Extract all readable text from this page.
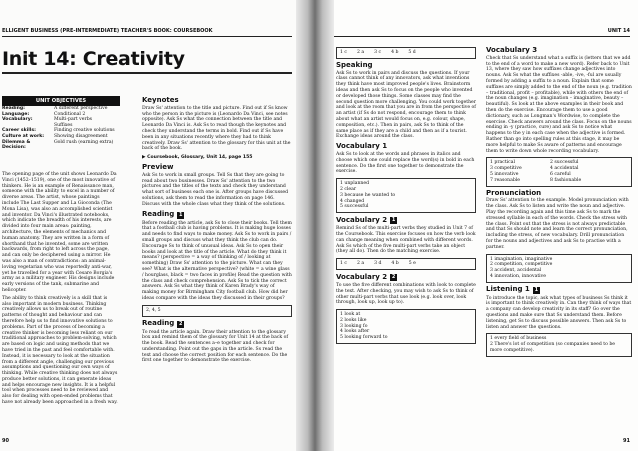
ELLIGENT BUSINESS (PRE-INTERMEDIATE) TEACHER'S BOOK: COURSEBOOK
Init 14: Creativity
UNIT OBJECTIVES
Reading:	A different perspective
Language:	Conditional 2
Vocabulary:	Multi-part verbs
Suffixes
Career skills:	Finding creative solutions
Culture at work:	Showing disagreement
Dilemma & Decision:
Gold rush (earning extra)

The opening page of the unit shows Leonardo Da Vinci (1452–1519), one of the most innovative of thinkers. He is an example of Renaissance man, someone with the ability to excel in a number of diverse areas. The artist, whose paintings include The Last Supper and La Gioconda (The Mona Lisa), was also an accomplished scientist and inventor. Da Vinci's illustrated notebooks, which indicate the breadth of his interests, are divided into four main areas: painting, architecture, the elements of mechanics and human anatomy. They are written in a form of shorthand that he invented, some are written backwards, from right to left across the page, and can only be deciphered using a mirror. He was also a man of contradictions: an animal-loving vegetarian who was reportedly anti-war, yet he travelled for a year with Cesare Borgia's army as a military engineer. His designs include early versions of the tank, submarine and helicopter.

The ability to think creatively is a skill that is also important in modern business. Thinking creatively allows us to break out of routine patterns of thought and behaviour and can therefore help us to find innovative solutions to problems. Part of the process of becoming a creative thinker is becoming less reliant on our traditional approaches to problem-solving, which are based on logic and using methods that we have tried in the past and feel comfortable with. Instead, it is necessary to look at the situation from a different angle, challenging our previous assumptions and questioning our own ways of thinking. While creative thinking does not always produce better solutions, it can generate ideas and helps encourage new insights. It is a helpful tool when processes need to be reviewed and also for dealing with open-ended problems that have not already been approached in a fresh way.

Keynotes

Draw Ss' attention to the title and picture. Find out if Ss know who the person in the picture is (Leonardo Da Vinci, see notes opposite). Ask Ss what the connection between the title and Leonardo Da Vinci is. Ask Ss to read though the keynotes and check they understand the terms in bold. Find out if Ss have been in any situations recently where they had to think creatively. Draw Ss' attention to the glossary for this unit at the back of the book.

▶ Coursebook, Glossary, Unit 14, page 155
Preview

Ask Ss to work in small groups. Tell Ss that they are going to read about two businesses. Draw Ss' attention to the two pictures and the titles of the texts and check they understand what sort of business each one is. After groups have discussed solutions, ask them to read the information on page 146. Discuss with the whole class what they think of the solutions.

Reading 1

Before reading the article, ask Ss to close their books. Tell them that a football club is having problems. It is making huge losses and needs to find ways to make money. Ask Ss to work in pairs / small groups and discuss what they think the club can do. Encourage Ss to think of unusual ideas. Ask Ss to open their books and look at the title of the article. What do they think it means? (perspective = a way of thinking of / looking at something) Draw Ss' attention to the picture. What can they see? What is the alternative perspective? (white = a wine glass / hourglass, black = two faces in profile) Read the question with the class and check comprehension. Ask Ss to tick the correct answers. Ask Ss what they think of Karen Brady's way of making money for Birmingham City football club. How did her ideas compare with the ideas they discussed in their groups?

2, 4, 5
Reading 2

To read the article again. Draw their attention to the glossary box and remind them of the glossary for Unit 14 at the back of the book. Read the sentences a–e together and check for understanding. Point out the gaps in the article. Ss read the text and choose the correct position for each sentence. Do the first one together to demonstrate the exercise.

90
UNIT 14
1 c 2 a 3 c 4 b 5 d
Speaking

Ask Ss to work in pairs and discuss the questions. If your class cannot think of any innovators, ask what inventions they think have most improved people's lives. Brainstorm ideas and then ask Ss to focus on the people who invented or developed those things. Some classes may find the second question more challenging. You could work together and look at the room that you are in from the perspective of an artist (if Ss do not respond, encourage them to think about what an artist would focus on, e.g. colour, shape, composition, etc.). Then in pairs, ask Ss to think of the same place as if they are a child and then as if a tourist. Exchange ideas around the class.

Vocabulary 1

Ask Ss to look at the words and phrases in italics and choose which one could replace the word(s) in bold in each sentence. Do the first one together to demonstrate the exercise.

1 unplanned
2 clear
3 because he wanted to
4 changed
5 successful
Vocabulary 2 1

Remind Ss of the multi-part verbs they studied in Unit 7 of the Coursebook. This exercise focuses on how the verb look can change meaning when combined with different words. Ask Ss which of the five multi-part verbs take an object (they all do). Then do the matching exercise.

1 c 2 a 3 d 4 b 5 e
Vocabulary 2 2

To use the five different combinations with look to complete the text. After checking, you may wish to ask Ss to think of other multi-part verbs that use look (e.g. look over, look through, look up, look up to).

1 look at
2 looks like
3 looking fo
4 looks after
5 looking forward to
Vocabulary 3

Check that Ss understand what a suffix is (letters that we add to the end of a word to make a new word). Refer back to Unit 13, where they saw how suffixes change adjectives into nouns. Ask Ss what the suffixes -able, -ive, -ful are usually formed by adding a suffix to a noun. Explain that some suffixes are simply added to the end of the noun (e.g. tradition – traditional, profit – profitable), while with others the end of the noun changes (e.g. imagination – imaginative, beauty – beautiful). Ss look at the above examples in their book and then do the exercise. Encourage them to use a good dictionary, such as Longman's Wordwise, to complete the exercise. Check answers around the class. Focus on the nouns ending in -y (practice, cure) and ask Ss to notice what happens to the y in each case when the adjective is formed. Rather than go into spelling rules at this stage, it may be more helpful to make Ss aware of patterns and encourage them to write down whole recording vocabulary.

1 practical	2 successful
3 competitive	4 accidental
5 innovative	6 careful
7 reasonable	8 fashionable
Pronunciation

Draw Ss' attention to the example. Model pronunciation with the class. Ask Ss to listen and write the noun and adjective. Play the recording again and this time ask Ss to mark the stressed syllable in each of the words. Check the stress with the class. Point out that the stress is not always predictable and that Ss should note and learn the correct pronunciation, including the stress, of new vocabulary. Drill pronunciation for the nouns and adjectives and ask Ss to practise with a partner.

1 imagination, imaginative
2 competition, competitive
3 accident, accidental
4 innovation, innovative
Listening 1 1

To introduce the topic, ask what types of business Ss think it is important to think creatively in. Can they think of ways that a company can develop creativity in its staff? Go over the questions and make sure that Ss understand them. Before listening, get Ss to discuss possible answers. Then ask Ss to listen and answer the questions.

1 every field of business
2 There's lot of competition (so companies need to be more competitive).
91
